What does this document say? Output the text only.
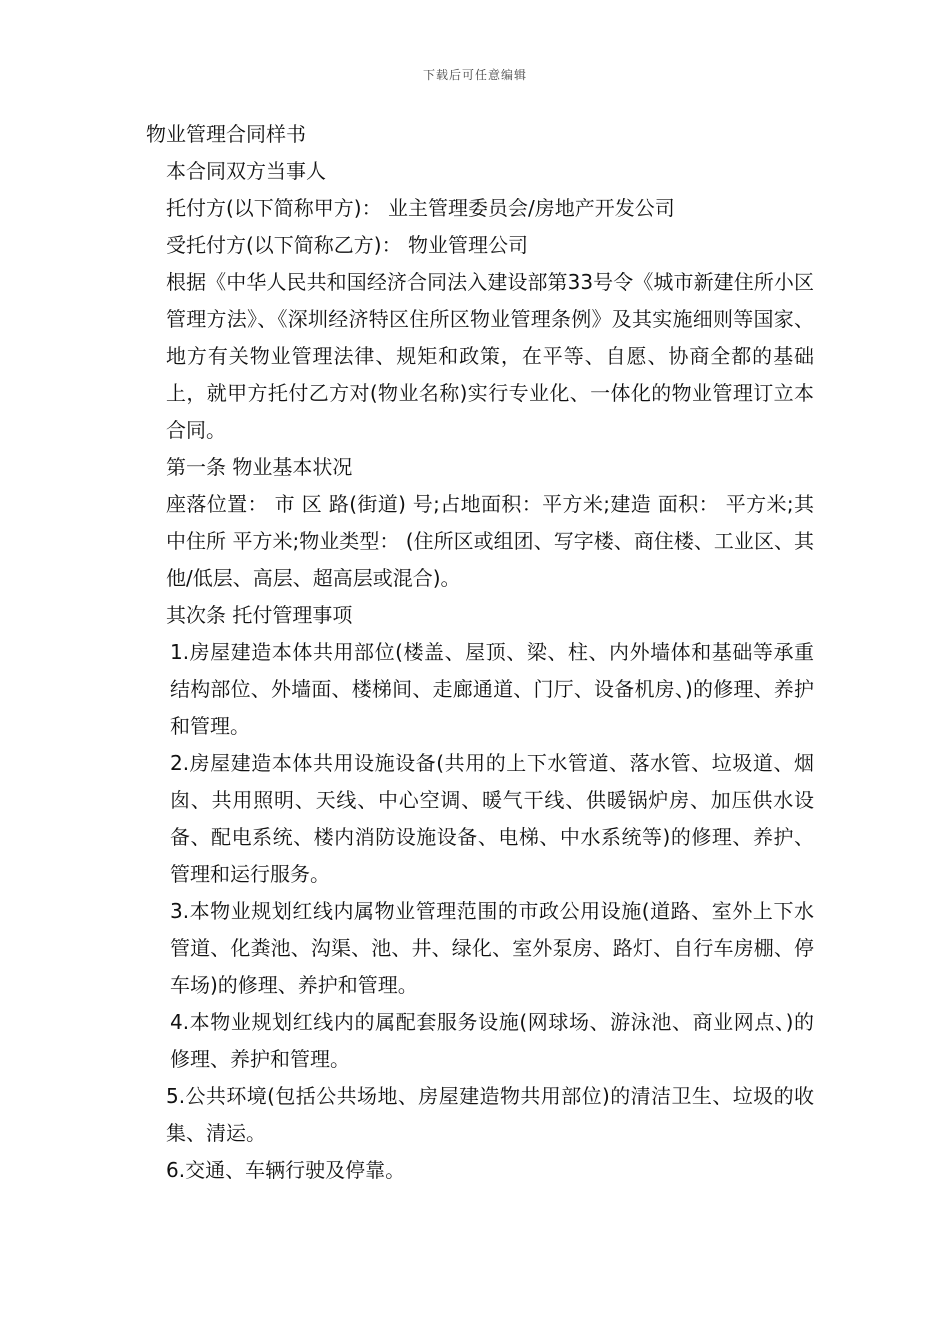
下载后可任意编辑

物业管理合同样书

本合同双方当事人

托付方(以下简称甲方)： 业主管理委员会/房地产开发公司

受托付方(以下简称乙方)： 物业管理公司

根据《中华人民共和国经济合同法入建设部第33号令《城市新建住所小区管理方法》、《深圳经济特区住所区物业管理条例》及其实施细则等国家、地方有关物业管理法律、规矩和政策，在平等、自愿、协商全都的基础上，就甲方托付乙方对(物业名称)实行专业化、一体化的物业管理订立本合同。

第一条 物业基本状况

座落位置： 市 区 路(街道) 号;占地面积：平方米;建造 面积： 平方米;其中住所 平方米;物业类型： (住所区或组团、写字楼、商住楼、工业区、其他/低层、高层、超高层或混合)。

其次条 托付管理事项

1.房屋建造本体共用部位(楼盖、屋顶、梁、柱、内外墙体和基础等承重结构部位、外墙面、楼梯间、走廊通道、门厅、设备机房、)的修理、养护和管理。

2.房屋建造本体共用设施设备(共用的上下水管道、落水管、垃圾道、烟囱、共用照明、天线、中心空调、暖气干线、供暖锅炉房、加压供水设备、配电系统、楼内消防设施设备、电梯、中水系统等)的修理、养护、管理和运行服务。

3.本物业规划红线内属物业管理范围的市政公用设施(道路、室外上下水管道、化粪池、沟渠、池、井、绿化、室外泵房、路灯、自行车房棚、停车场)的修理、养护和管理。

4.本物业规划红线内的属配套服务设施(网球场、游泳池、商业网点、)的修理、养护和管理。

5.公共环境(包括公共场地、房屋建造物共用部位)的清洁卫生、垃圾的收集、清运。

6.交通、车辆行驶及停靠。
